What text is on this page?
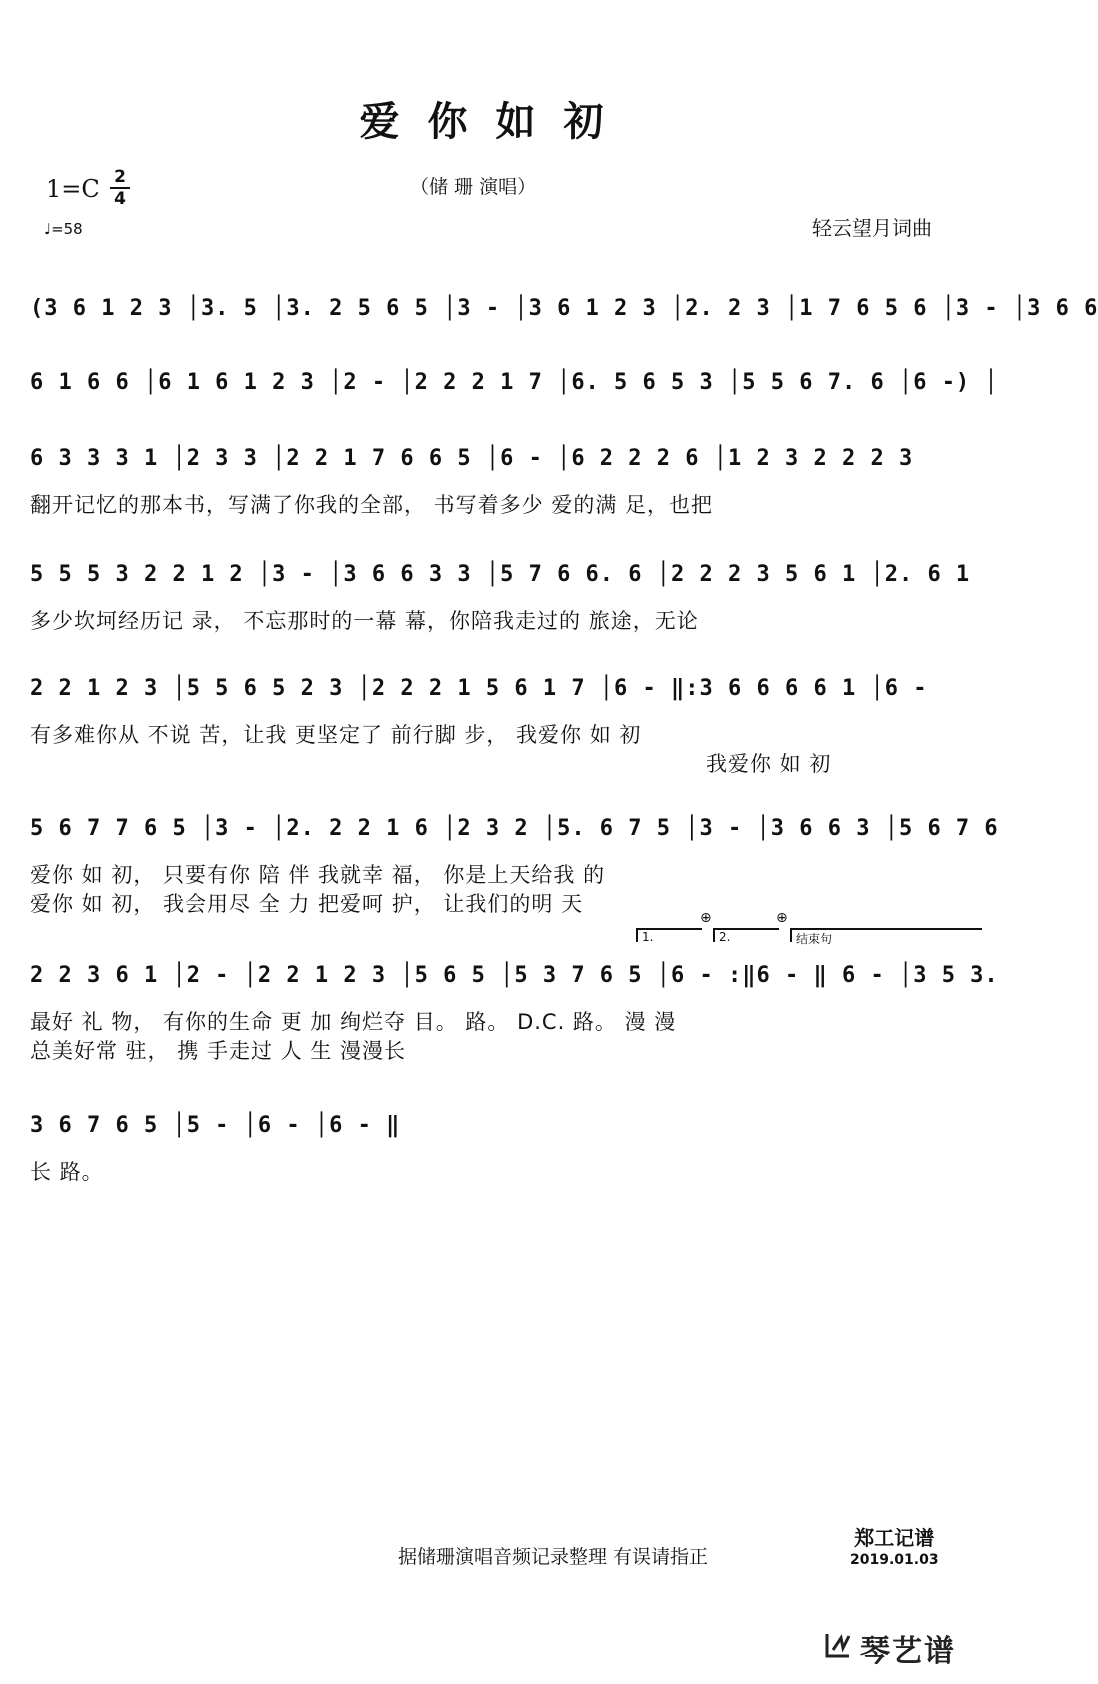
爱你如初
（储 珊 演唱）
1=C 2
4
♩=58	轻云望月词曲
(3 6 1 2 3 │3. 5 │3. 2 5 6 5 │3 - │3 6 1 2 3 │2. 2 3 │1 7 6 5 6 │3 - │3 6 6
6 1 6 6 │6 1 6 1 2 3 │2 - │2 2 2 1 7 │6. 5 6 5 3 │5 5 6 7. 6 │6 -) │
6 3 3 3 1 │2 3 3 │2 2 1 7 6 6 5 │6 - │6 2 2 2 6 │1 2 3 2 2 2 3
翻开记忆的那本书，写满了你我的全部， 书写着多少 爱的满 足，也把
5 5 5 3 2 2 1 2 │3 - │3 6 6 3 3 │5 7 6 6. 6 │2 2 2 3 5 6 1 │2. 6 1
多少坎坷经历记 录， 不忘那时的一幕 幕，你陪我走过的 旅途，无论
2 2 1 2 3 │5 5 6 5 2 3 │2 2 2 1 5 6 1 7 │6 - ‖:3 6 6 6 6 1 │6 -
有多难你从 不说 苦，让我 更坚定了 前行脚 步， 我爱你 如 初
我爱你 如 初
5 6 7 7 6 5 │3 - │2. 2 2 1 6 │2 3 2 │5. 6 7 5 │3 - │3 6 6 3 │5 6 7 6
爱你 如 初， 只要有你 陪 伴 我就幸 福， 你是上天给我 的
爱你 如 初， 我会用尽 全 力 把爱呵 护， 让我们的明 天
1.	2.	结束句
⊕	⊕
2 2 3 6 1 │2 - │2 2 1 2 3 │5 6 5 │5 3 7 6 5 │6 - :‖6 - ‖ 6 - │3 5 3.
最好 礼 物， 有你的生命 更 加 绚烂夺 目。 路。 D.C. 路。 漫 漫
总美好常 驻， 携 手走过 人 生 漫漫长
3 6 7 6 5 │5 - │6 - │6 - ‖
长 路。
据储珊演唱音频记录整理 有误请指正
郑工记谱
2019.01.03
琴艺谱
